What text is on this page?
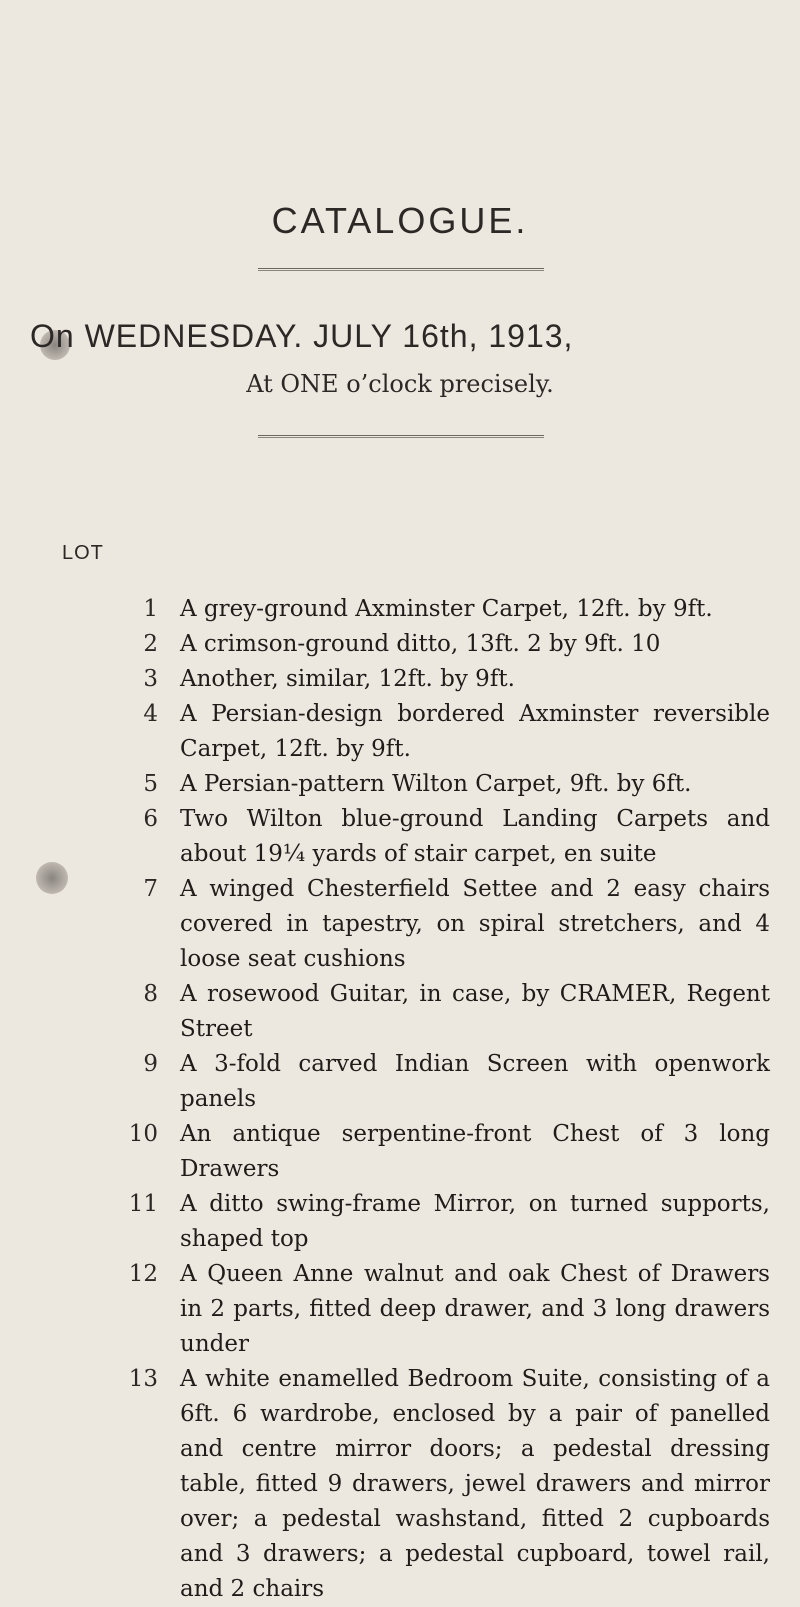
CATALOGUE.
On WEDNESDAY. JULY 16th, 1913,
At ONE o’clock precisely.
LOT
1 A grey-ground Axminster Carpet, 12ft. by 9ft.
2 A crimson-ground ditto, 13ft. 2 by 9ft. 10
3 Another, similar, 12ft. by 9ft.
4 A Persian-design bordered Axminster reversible Carpet, 12ft. by 9ft.
5 A Persian-pattern Wilton Carpet, 9ft. by 6ft.
6 Two Wilton blue-ground Landing Carpets and about 19¼ yards of stair carpet, en suite
7 A winged Chesterfield Settee and 2 easy chairs covered in tapestry, on spiral stretchers, and 4 loose seat cushions
8 A rosewood Guitar, in case, by CRAMER, Regent Street
9 A 3-fold carved Indian Screen with openwork panels
10 An antique serpentine-front Chest of 3 long Drawers
11 A ditto swing-frame Mirror, on turned supports, shaped top
12 A Queen Anne walnut and oak Chest of Drawers in 2 parts, fitted deep drawer, and 3 long drawers under
13 A white enamelled Bedroom Suite, consisting of a 6ft. 6 wardrobe, enclosed by a pair of panelled and centre mirror doors; a pedestal dressing table, fitted 9 drawers, jewel drawers and mirror over; a pedestal washstand, fitted 2 cupboards and 3 drawers; a pedestal cupboard, towel rail, and 2 chairs
